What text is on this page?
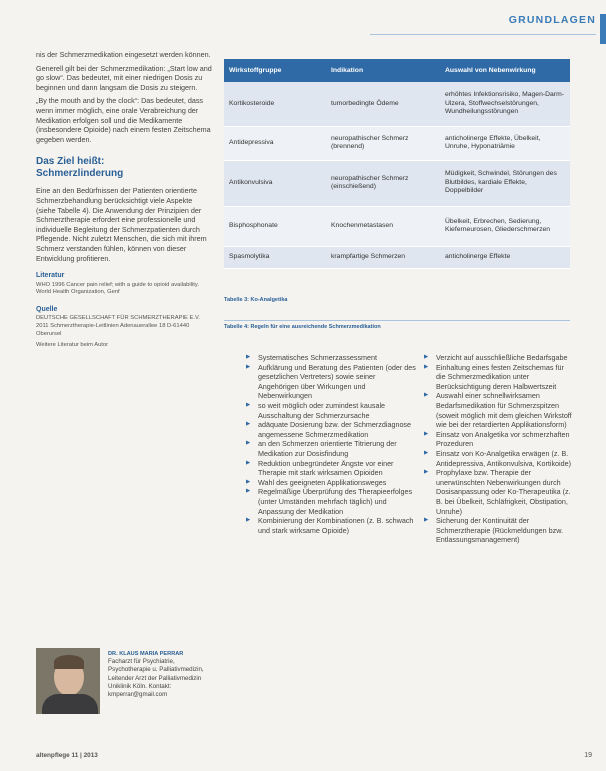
GRUNDLAGEN

nis der Schmerzmedikation eingesetzt werden können.

Generell gilt bei der Schmerzmedikation: „Start low and go slow“. Das bedeutet, mit einer niedrigen Dosis zu beginnen und dann langsam die Dosis zu steigern.

„By the mouth and by the clock“: Das bedeutet, dass wenn immer möglich, eine orale Verabreichung der Medikation erfolgen soll und die Medikamente (insbesondere Opioide) nach einem festen Zeitschema gegeben werden.

Das Ziel heißt:
Schmerzlinderung

Eine an den Bedürfnissen der Patienten orientierte Schmerzbehandlung berücksichtigt viele Aspekte (siehe Tabelle 4). Die Anwendung der Prinzipien der Schmerztherapie erfordert eine professionelle und individuelle Begleitung der Schmerzpatienten durch Pflegende. Nicht zuletzt Menschen, die sich mit ihrem Schmerz verstanden fühlen, können von dieser Entwicklung profitieren.

Literatur
WHO 1996 Cancer pain relief; with a guide to opioid availability. World Health Organization, Genf
Quelle
DEUTSCHE GESELLSCHAFT FÜR SCHMERZTHERAPIE E.V. 2011 Schmerztherapie-Leitlinien Adenauerallee 18 D-61440 Oberursel
Weitere Literatur beim Autor
DR. KLAUS MARIA PERRAR
Facharzt für Psychiatrie, Psychotherapie u. Palliativmedizin, Leitender Arzt der Palliativmedizin Uniklinik Köln. Kontakt: kmperrar@gmail.com
Wirkstoffgruppe	Indikation	Auswahl von Nebenwirkung
Kortikosteroide	tumorbedingte Ödeme	erhöhtes Infektionsrisiko, Magen-Darm-Ulzera, Stoffwechselstörungen, Wundheilungsstörungen
Antidepressiva	neuropathischer Schmerz (brennend)	anticholinerge Effekte, Übelkeit, Unruhe, Hyponatriämie
Antikonvulsiva	neuropathischer Schmerz (einschießend)	Müdigkeit, Schwindel, Störungen des Blutbildes, kardiale Effekte, Doppelbilder
Bisphosphonate	Knochenmetastasen	Übelkeit, Erbrechen, Sedierung, Kieferneurosen, Gliederschmerzen
Spasmolytika	krampfartige Schmerzen	anticholinerge Effekte
Tabelle 3: Ko-Analgetika
Tabelle 4: Regeln für eine ausreichende Schmerzmedikation
▶ Systematisches Schmerzassessment
▶ Aufklärung und Beratung des Patienten (oder des gesetzlichen Vertreters) sowie seiner Angehörigen über Wirkungen und Nebenwirkungen
▶ so weit möglich oder zumindest kausale Ausschaltung der Schmerzursache
▶ adäquate Dosierung bzw. der Schmerzdiagnose angemessene Schmerzmedikation
▶ an den Schmerzen orientierte Titrierung der Medikation zur Dosisfindung
▶ Reduktion unbegründeter Ängste vor einer Therapie mit stark wirksamen Opioiden
▶ Wahl des geeigneten Applikationsweges
▶ Regelmäßige Überprüfung des Therapieerfolges (unter Umständen mehrfach täglich) und Anpassung der Medikation
▶ Kombinierung der Kombinationen (z. B. schwach und stark wirksame Opioide)
▶ Verzicht auf ausschließliche Bedarfsgabe
▶ Einhaltung eines festen Zeitschemas für die Schmerzmedikation unter Berücksichtigung deren Halbwertszeit
▶ Auswahl einer schnellwirksamen Bedarfsmedikation für Schmerzspitzen (soweit möglich mit dem gleichen Wirkstoff wie bei der retardierten Applikationsform)
▶ Einsatz von Analgetika vor schmerzhaften Prozeduren
▶ Einsatz von Ko-Analgetika erwägen (z. B. Antidepressiva, Antikonvulsiva, Kortikoide)
▶ Prophylaxe bzw. Therapie der unerwünschten Nebenwirkungen durch Dosisanpassung oder Ko-Therapeutika (z. B. bei Übelkeit, Schläfrigkeit, Obstipation, Unruhe)
▶ Sicherung der Kontinuität der Schmerztherapie (Rückmeldungen bzw. Entlassungsmanagement)
altenpflege 11 | 2013	19
